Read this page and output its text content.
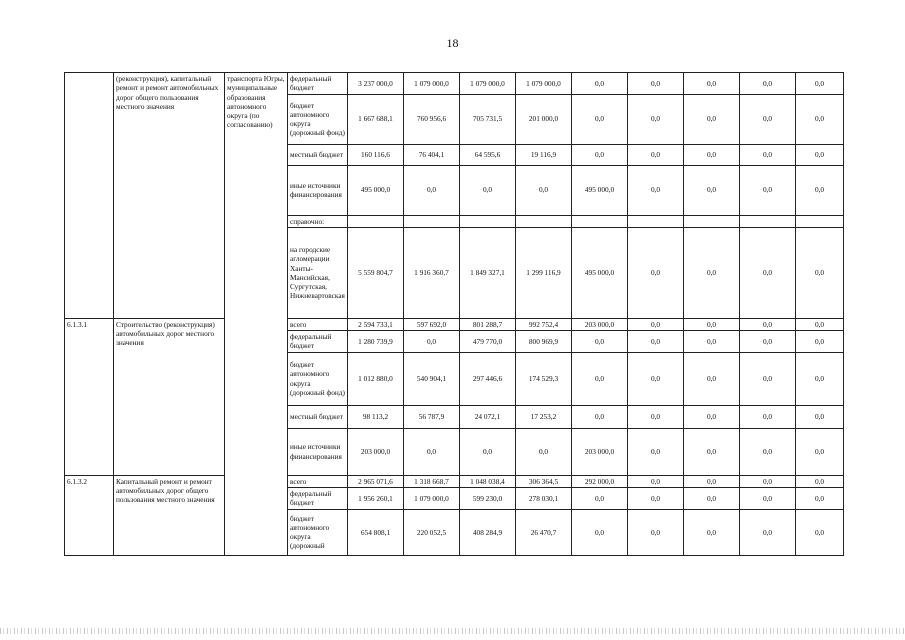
18
	(реконструкция), капитальный ремонт и ремонт автомобильных дорог общего пользования местного значения	транспорта Югры, муниципальные образования автономного округа (по согласованию)	федеральный бюджет	3 237 000,0	1 079 000,0	1 079 000,0	1 079 000,0	0,0	0,0	0,0	0,0	0,0
			бюджет автономного округа (дорожный фонд)	1 667 688,1	760 956,6	705 731,5	201 000,0	0,0	0,0	0,0	0,0	0,0
			местный бюджет	160 116,6	76 404,1	64 595,6	19 116,9	0,0	0,0	0,0	0,0	0,0
			иные источники финансирования	495 000,0	0,0	0,0	0,0	495 000,0	0,0	0,0	0,0	0,0
			справочно:									
			на городские агломерации Ханты-Мансийская, Сургутская, Нижневартовская	5 559 804,7	1 916 360,7	1 849 327,1	1 299 116,9	495 000,0	0,0	0,0	0,0	0,0
6.1.3.1	Строительство (реконструкция) автомобильных дорог местного значения		всего	2 594 733,1	597 692,0	801 288,7	992 752,4	203 000,0	0,0	0,0	0,0	0,0
			федеральный бюджет	1 280 739,9	0,0	479 770,0	800 969,9	0,0	0,0	0,0	0,0	0,0
			бюджет автономного округа (дорожный фонд)	1 012 880,0	540 904,1	297 446,6	174 529,3	0,0	0,0	0,0	0,0	0,0
			местный бюджет	98 113,2	56 787,9	24 072,1	17 253,2	0,0	0,0	0,0	0,0	0,0
			иные источники финансирования	203 000,0	0,0	0,0	0,0	203 000,0	0,0	0,0	0,0	0,0
6.1.3.2	Капитальный ремонт и ремонт автомобильных дорог общего пользования местного значения		всего	2 965 071,6	1 318 668,7	1 048 038,4	306 364,5	292 000,0	0,0	0,0	0,0	0,0
			федеральный бюджет	1 956 260,1	1 079 000,0	599 230,0	278 030,1	0,0	0,0	0,0	0,0	0,0
			бюджет автономного округа (дорожный	654 808,1	220 052,5	408 284,9	26 470,7	0,0	0,0	0,0	0,0	0,0
